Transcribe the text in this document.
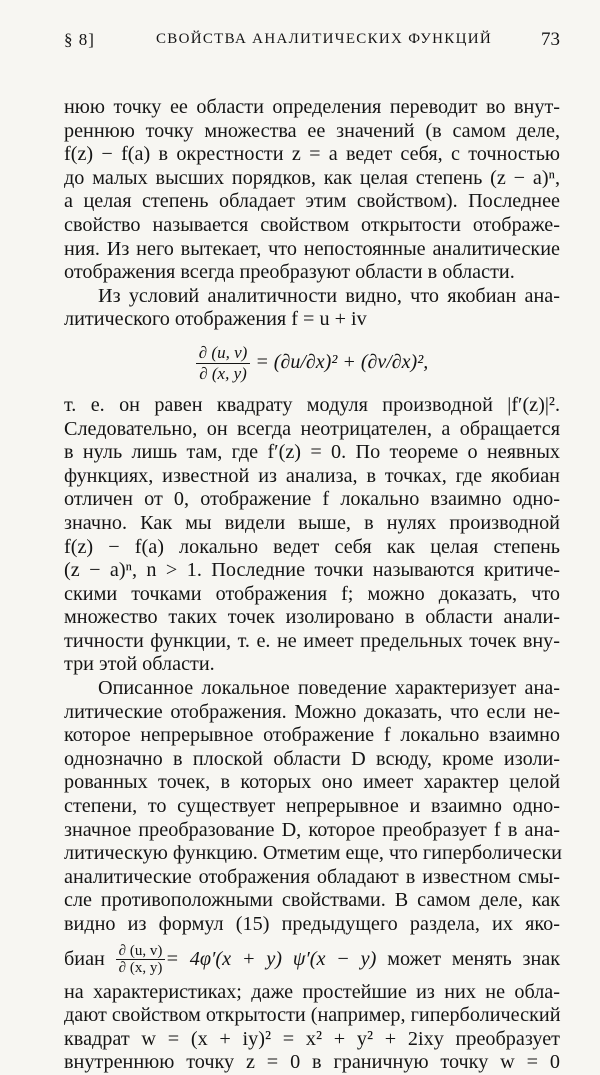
§ 8]	СВОЙСТВА АНАЛИТИЧЕСКИХ ФУНКЦИЙ	73
нюю точку ее области определения переводит во внут-
реннюю точку множества ее значений (в самом деле,
f(z) − f(a) в окрестности z = a ведет себя, с точностью
до малых высших порядков, как целая степень (z − a)ⁿ,
а целая степень обладает этим свойством). Последнее
свойство называется свойством открытости отображе-
ния. Из него вытекает, что непостоянные аналитические
отображения всегда преобразуют области в области.
Из условий аналитичности видно, что якобиан ана-
литического отображения f = u + iv
$\frac{\partial (u, v)}{\partial (x, y)} = (\partial u/\partial x)^2 + (\partial v/\partial x)^2$,
т. е. он равен квадрату модуля производной |f′(z)|².
Следовательно, он всегда неотрицателен, а обращается
в нуль лишь там, где f′(z) = 0. По теореме о неявных
функциях, известной из анализа, в точках, где якобиан
отличен от 0, отображение f локально взаимно одно-
значно. Как мы видели выше, в нулях производной
f(z) − f(a) локально ведет себя как целая степень
(z − a)ⁿ, n > 1. Последние точки называются критиче-
скими точками отображения f; можно доказать, что
множество таких точек изолировано в области анали-
тичности функции, т. е. не имеет предельных точек вну-
три этой области.
Описанное локальное поведение характеризует ана-
литические отображения. Можно доказать, что если не-
которое непрерывное отображение f локально взаимно
однозначно в плоской области D всюду, кроме изоли-
рованных точек, в которых оно имеет характер целой
степени, то существует непрерывное и взаимно одно-
значное преобразование D, которое преобразует f в ана-
литическую функцию. Отметим еще, что гиперболически
аналитические отображения обладают в известном смы-
сле противоположными свойствами. В самом деле, как
видно из формул (15) предыдущего раздела, их яко-
биан $\frac{\partial (u, v)}{\partial (x, y)} = 4\varphi'(x + y) \psi'(x - y)$ может менять знак
на характеристиках; даже простейшие из них не обла-
дают свойством открытости (например, гиперболический
квадрат w = (x + iy)² = x² + y² + 2ixy преобразует
внутреннюю точку z = 0 в граничную точку w = 0
